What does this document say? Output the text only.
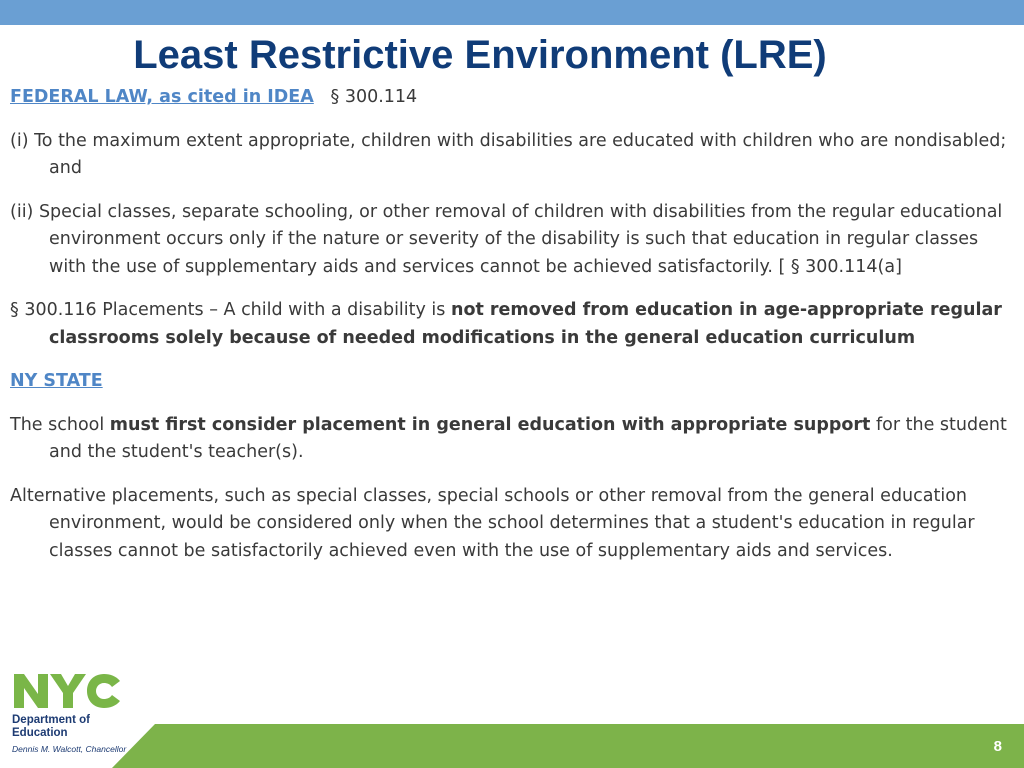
Least Restrictive Environment (LRE)

FEDERAL LAW, as cited in IDEA § 300.114

(i) To the maximum extent appropriate, children with disabilities are educated with children who are nondisabled; and

(ii) Special classes, separate schooling, or other removal of children with disabilities from the regular educational environment occurs only if the nature or severity of the disability is such that education in regular classes with the use of supplementary aids and services cannot be achieved satisfactorily. [ § 300.114(a]

§ 300.116 Placements – A child with a disability is not removed from education in age-appropriate regular classrooms solely because of needed modifications in the general education curriculum

NY STATE

The school must first consider placement in general education with appropriate support for the student and the student's teacher(s).

Alternative placements, such as special classes, special schools or other removal from the general education environment, would be considered only when the school determines that a student's education in regular classes cannot be satisfactorily achieved even with the use of supplementary aids and services.

Department of
Education
Dennis M. Walcott, Chancellor	8
